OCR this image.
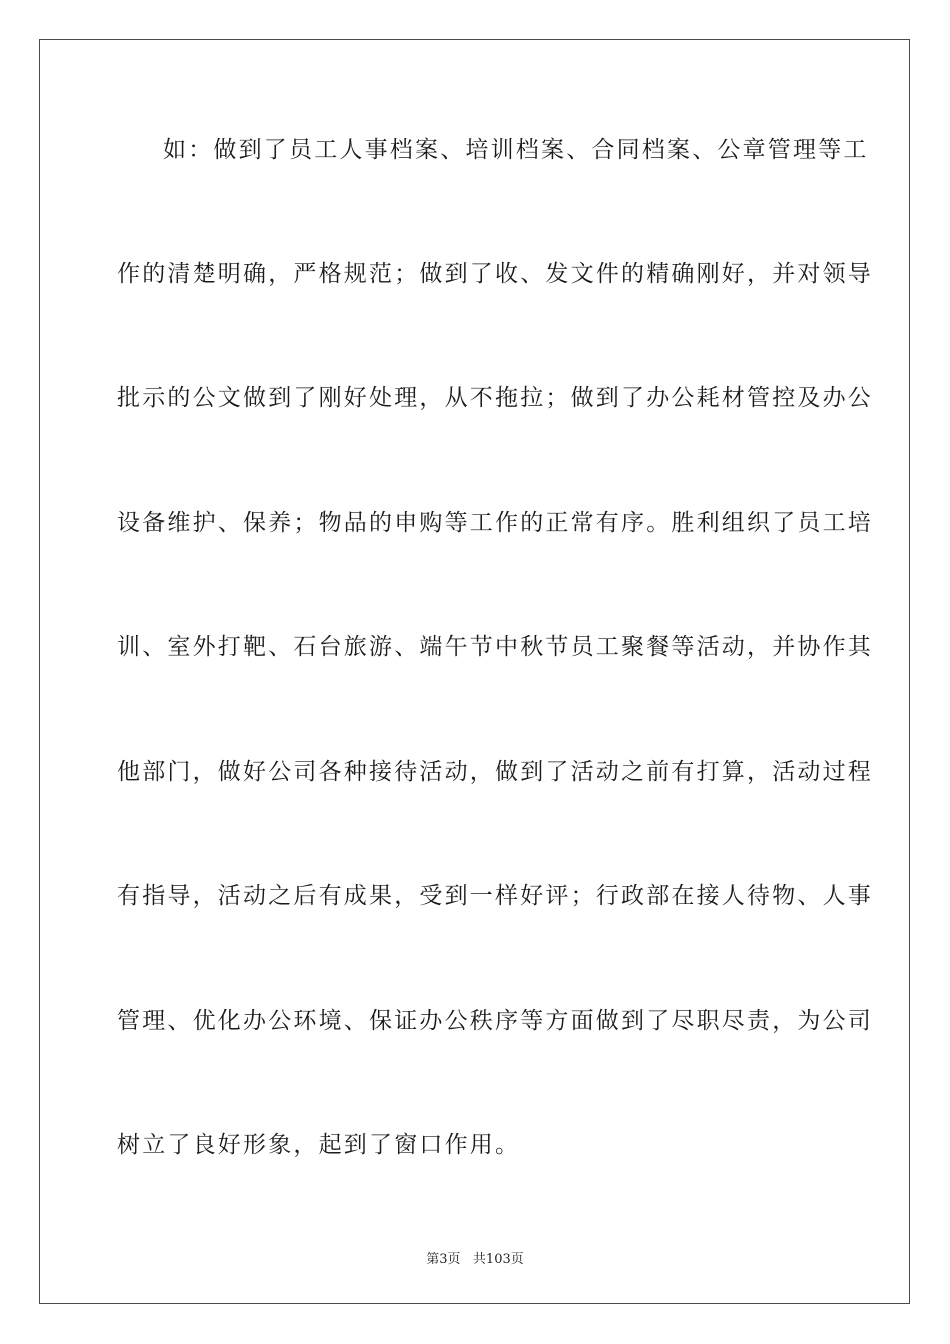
如：做到了员工人事档案、培训档案、合同档案、公章管理等工
作的清楚明确，严格规范；做到了收、发文件的精确刚好，并对领导
批示的公文做到了刚好处理，从不拖拉；做到了办公耗材管控及办公
设备维护、保养；物品的申购等工作的正常有序。胜利组织了员工培
训、室外打靶、石台旅游、端午节中秋节员工聚餐等活动，并协作其
他部门，做好公司各种接待活动，做到了活动之前有打算，活动过程
有指导，活动之后有成果，受到一样好评；行政部在接人待物、人事
管理、优化办公环境、保证办公秩序等方面做到了尽职尽责，为公司
树立了良好形象，起到了窗口作用。
第3页 共103页
